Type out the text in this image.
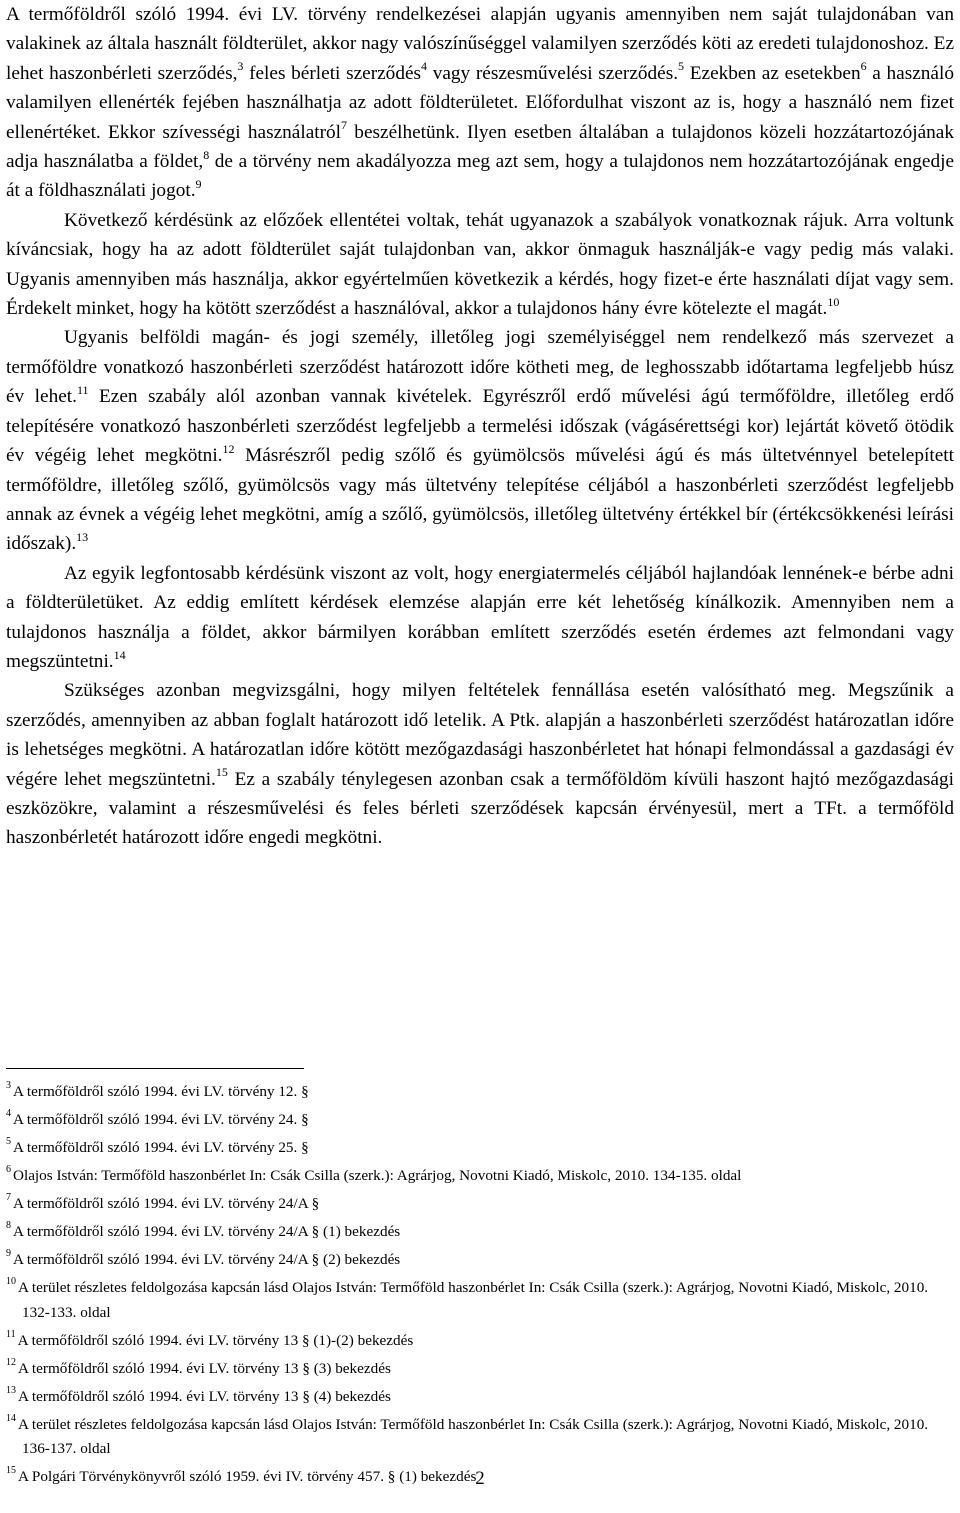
A termőföldről szóló 1994. évi LV. törvény rendelkezései alapján ugyanis amennyiben nem saját tulajdonában van valakinek az általa használt földterület, akkor nagy valószínűséggel valamilyen szerződés köti az eredeti tulajdonoshoz. Ez lehet haszonbérleti szerződés,$^3$ feles bérleti szerződés$^4$ vagy részesművelési szerződés.$^5$ Ezekben az esetekben$^6$ a használó valamilyen ellenérték fejében használhatja az adott földterületet. Előfordulhat viszont az is, hogy a használó nem fizet ellenértéket. Ekkor szívességi használatról$^7$ beszélhetünk. Ilyen esetben általában a tulajdonos közeli hozzátartozójának adja használatba a földet,$^8$ de a törvény nem akadályozza meg azt sem, hogy a tulajdonos nem hozzátartozójának engedje át a földhasználati jogot.$^9$

Következő kérdésünk az előzőek ellentétei voltak, tehát ugyanazok a szabályok vonatkoznak rájuk. Arra voltunk kíváncsiak, hogy ha az adott földterület saját tulajdonban van, akkor önmaguk használják-e vagy pedig más valaki. Ugyanis amennyiben más használja, akkor egyértelműen következik a kérdés, hogy fizet-e érte használati díjat vagy sem. Érdekelt minket, hogy ha kötött szerződést a használóval, akkor a tulajdonos hány évre kötelezte el magát.$^{10}$

Ugyanis belföldi magán- és jogi személy, illetőleg jogi személyiséggel nem rendelkező más szervezet a termőföldre vonatkozó haszonbérleti szerződést határozott időre kötheti meg, de leghosszabb időtartama legfeljebb húsz év lehet.$^{11}$ Ezen szabály alól azonban vannak kivételek. Egyrészről erdő művelési ágú termőföldre, illetőleg erdő telepítésére vonatkozó haszonbérleti szerződést legfeljebb a termelési időszak (vágásérettségi kor) lejártát követő ötödik év végéig lehet megkötni.$^{12}$ Másrészről pedig szőlő és gyümölcsös művelési ágú és más ültetvénnyel betelepített termőföldre, illetőleg szőlő, gyümölcsös vagy más ültetvény telepítése céljából a haszonbérleti szerződést legfeljebb annak az évnek a végéig lehet megkötni, amíg a szőlő, gyümölcsös, illetőleg ültetvény értékkel bír (értékcsökkenési leírási időszak).$^{13}$

Az egyik legfontosabb kérdésünk viszont az volt, hogy energiatermelés céljából hajlandóak lennének-e bérbe adni a földterületüket. Az eddig említett kérdések elemzése alapján erre két lehetőség kínálkozik. Amennyiben nem a tulajdonos használja a földet, akkor bármilyen korábban említett szerződés esetén érdemes azt felmondani vagy megszüntetni.$^{14}$

Szükséges azonban megvizsgálni, hogy milyen feltételek fennállása esetén valósítható meg. Megszűnik a szerződés, amennyiben az abban foglalt határozott idő letelik. A Ptk. alapján a haszonbérleti szerződést határozatlan időre is lehetséges megkötni. A határozatlan időre kötött mezőgazdasági haszonbérletet hat hónapi felmondással a gazdasági év végére lehet megszüntetni.$^{15}$ Ez a szabály ténylegesen azonban csak a termőföldöm kívüli haszont hajtó mezőgazdasági eszközökre, valamint a részesművelési és feles bérleti szerződések kapcsán érvényesül, mert a TFt. a termőföld haszonbérletét határozott időre engedi megkötni.

$^3$ A termőföldről szóló 1994. évi LV. törvény 12. §
$^4$ A termőföldről szóló 1994. évi LV. törvény 24. §
$^5$ A termőföldről szóló 1994. évi LV. törvény 25. §
$^6$ Olajos István: Termőföld haszonbérlet In: Csák Csilla (szerk.): Agrárjog, Novotni Kiadó, Miskolc, 2010. 134-135. oldal
$^7$ A termőföldről szóló 1994. évi LV. törvény 24/A §
$^8$ A termőföldről szóló 1994. évi LV. törvény 24/A § (1) bekezdés
$^9$ A termőföldről szóló 1994. évi LV. törvény 24/A § (2) bekezdés
$^{10}$ A terület részletes feldolgozása kapcsán lásd Olajos István: Termőföld haszonbérlet In: Csák Csilla (szerk.): Agrárjog, Novotni Kiadó, Miskolc, 2010. 132-133. oldal
$^{11}$ A termőföldről szóló 1994. évi LV. törvény 13 § (1)-(2) bekezdés
$^{12}$ A termőföldről szóló 1994. évi LV. törvény 13 § (3) bekezdés
$^{13}$ A termőföldről szóló 1994. évi LV. törvény 13 § (4) bekezdés
$^{14}$ A terület részletes feldolgozása kapcsán lásd Olajos István: Termőföld haszonbérlet In: Csák Csilla (szerk.): Agrárjog, Novotni Kiadó, Miskolc, 2010. 136-137. oldal
$^{15}$ A Polgári Törvénykönyvről szóló 1959. évi IV. törvény 457. § (1) bekezdés
2
